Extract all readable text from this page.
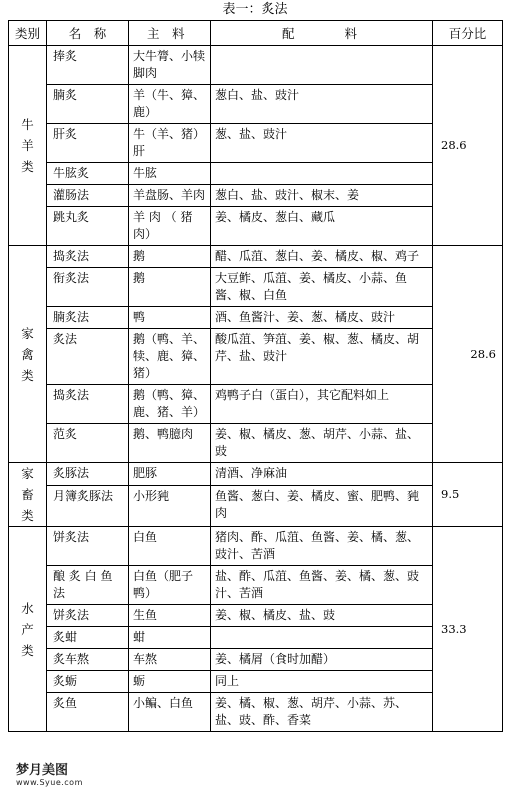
表一：炙法
类别	名　称	主　料	配　　　　料	百分比
牛羊类	捧炙	大牛膂、小犊脚肉		28.6
	腩炙	羊（牛、獐、鹿）	葱白、盐、豉汁	
	肝炙	牛（羊、猪）肝	葱、盐、豉汁	
	牛胘炙	牛胘		
	灌肠法	羊盘肠、羊肉	葱白、盐、豉汁、椒末、姜	
	跳丸炙	羊 肉 （ 猪 肉）	姜、橘皮、葱白、藏瓜	
家禽类	捣炙法	鹅	醋、瓜菹、葱白、姜、橘皮、椒、鸡子	28.6
	衔炙法	鹅	大豆鲊、瓜菹、姜、橘皮、小蒜、鱼酱、椒、白鱼	
	腩炙法	鸭	酒、鱼酱汁、姜、葱、橘皮、豉汁	
	炙法	鹅（鸭、羊、犊、鹿、獐、猪）	酸瓜菹、笋菹、姜、椒、葱、橘皮、胡芹、盐、豉汁	
	捣炙法	鹅（鸭、獐、鹿、猪、羊）	鸡鸭子白（蛋白），其它配料如上	
	范炙	鹅、鸭臆肉	姜、椒、橘皮、葱、胡芹、小蒜、盐、豉	
家畜类	炙豚法	肥豚	清酒、净麻油	9.5
	月簿炙豚法	小形豘	鱼酱、葱白、姜、橘皮、蜜、肥鸭、豘肉	
水产类	饼炙法	白鱼	猪肉、酢、瓜菹、鱼酱、姜、橘、葱、豉汁、苦酒	33.3
	酿 炙 白 鱼 法	白鱼（肥子鸭）	盐、酢、瓜菹、鱼酱、姜、橘、葱、豉汁、苦酒	
	饼炙法	生鱼	姜、椒、橘皮、盐、豉	
	炙蚶	蚶		
	炙车熬	车熬	姜、橘屑（食时加醋）	
	炙蛎	蛎	同上	
	炙鱼	小鳊、白鱼	姜、橘、椒、葱、胡芹、小蒜、苏、盐、豉、酢、香菜	
梦月美图
www.Syue.com
